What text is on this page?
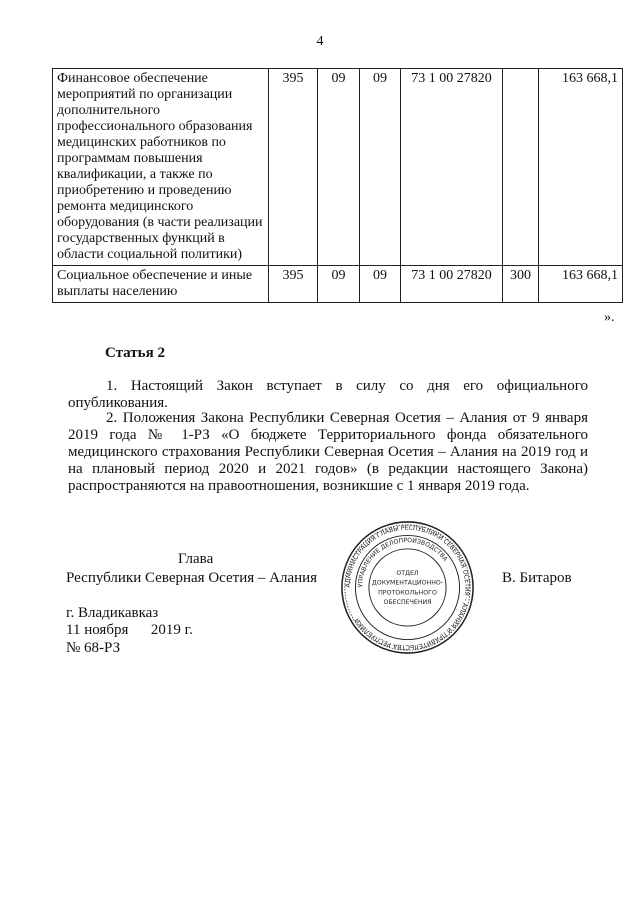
4
Финансовое обеспечение мероприятий по организации дополнительного профессионального образования медицинских работников по программам повышения квалификации, а также по приобретению и проведению ремонта медицинского оборудования (в части реализации государственных функций в области социальной политики)	395	09	09	73 1 00 27820		163 668,1
Социальное обеспечение и иные выплаты населению	395	09	09	73 1 00 27820	300	163 668,1
».
Статья 2
1. Настоящий Закон вступает в силу со дня его официального опубликования.
2. Положения Закона Республики Северная Осетия – Алания от 9 января 2019 года № 1-РЗ «О бюджете Территориального фонда обязательного медицинского страхования Республики Северная Осетия – Алания на 2019 год и на плановый период 2020 и 2021 годов» (в редакции настоящего Закона) распространяются на правоотношения, возникшие с 1 января 2019 года.
Глава
Республики Северная Осетия – Алания	В. Битаров
АДМИНИСТРАЦИЯ ГЛАВЫ РЕСПУБЛИКИ СЕВЕРНАЯ ОСЕТИЯ – АЛАНИЯ И ПРАВИТЕЛЬСТВА РЕСПУБЛИКИ
УПРАВЛЕНИЕ ДЕЛОПРОИЗВОДСТВА
ОТДЕЛ
ДОКУМЕНТАЦИОННО-
ПРОТОКОЛЬНОГО
ОБЕСПЕЧЕНИЯ
г. Владикавказ
11 ноября      2019 г.
№ 68-РЗ
